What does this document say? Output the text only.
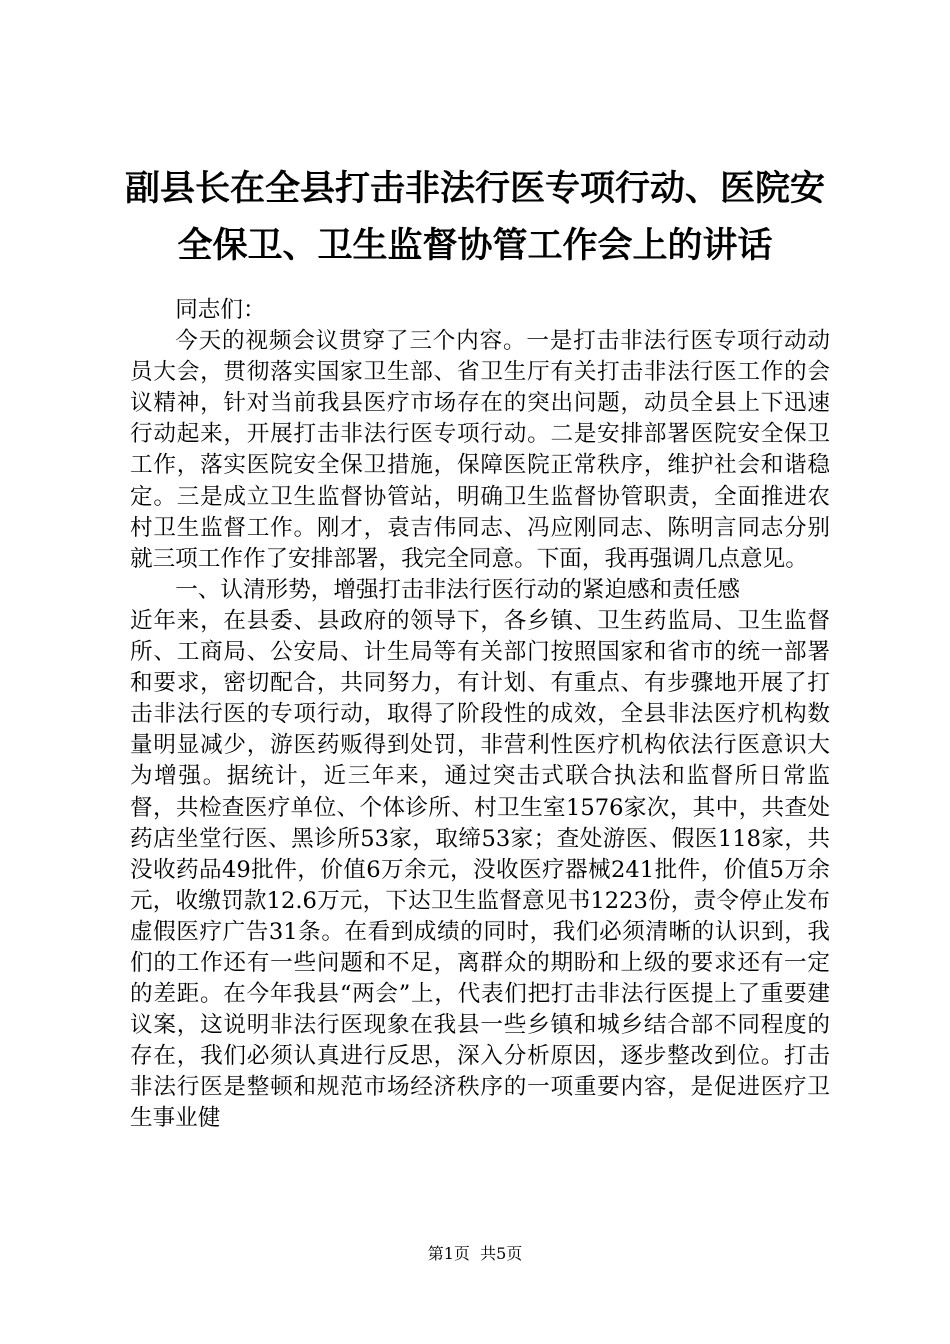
副县长在全县打击非法行医专项行动、医院安全保卫、卫生监督协管工作会上的讲话

同志们：

今天的视频会议贯穿了三个内容。一是打击非法行医专项行动动员大会，贯彻落实国家卫生部、省卫生厅有关打击非法行医工作的会议精神，针对当前我县医疗市场存在的突出问题，动员全县上下迅速行动起来，开展打击非法行医专项行动。二是安排部署医院安全保卫工作，落实医院安全保卫措施，保障医院正常秩序，维护社会和谐稳定。三是成立卫生监督协管站，明确卫生监督协管职责，全面推进农村卫生监督工作。刚才，袁吉伟同志、冯应刚同志、陈明言同志分别就三项工作作了安排部署，我完全同意。下面，我再强调几点意见。

一、认清形势，增强打击非法行医行动的紧迫感和责任感

近年来，在县委、县政府的领导下，各乡镇、卫生药监局、卫生监督所、工商局、公安局、计生局等有关部门按照国家和省市的统一部署和要求，密切配合，共同努力，有计划、有重点、有步骤地开展了打击非法行医的专项行动，取得了阶段性的成效，全县非法医疗机构数量明显减少，游医药贩得到处罚，非营利性医疗机构依法行医意识大为增强。据统计，近三年来，通过突击式联合执法和监督所日常监督，共检查医疗单位、个体诊所、村卫生室1576家次，其中，共查处药店坐堂行医、黑诊所53家，取缔53家；查处游医、假医118家，共没收药品49批件，价值6万余元，没收医疗器械241批件，价值5万余元，收缴罚款12.6万元，下达卫生监督意见书1223份，责令停止发布虚假医疗广告31条。在看到成绩的同时，我们必须清晰的认识到，我们的工作还有一些问题和不足，离群众的期盼和上级的要求还有一定的差距。在今年我县“两会”上，代表们把打击非法行医提上了重要建议案，这说明非法行医现象在我县一些乡镇和城乡结合部不同程度的存在，我们必须认真进行反思，深入分析原因，逐步整改到位。打击非法行医是整顿和规范市场经济秩序的一项重要内容，是促进医疗卫生事业健

第1页  共5页
